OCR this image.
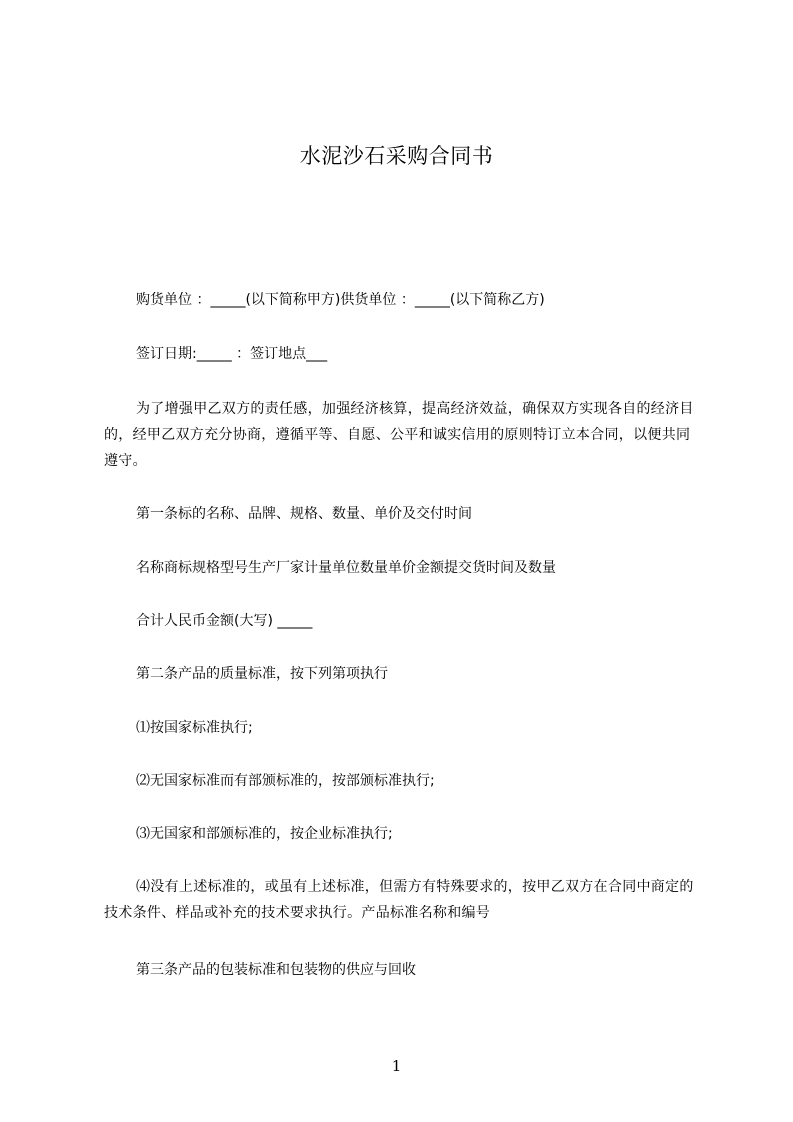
水泥沙石采购合同书
购货单位 ：_____(以下简称甲方)供货单位 ：_____(以下简称乙方)
签订日期:_____ ：签订地点___
为了增强甲乙双方的责任感，加强经济核算，提高经济效益，确保双方实现各自的经济目的，经甲乙双方充分协商，遵循平等、自愿、公平和诚实信用的原则特订立本合同，以便共同遵守。
第一条标的名称、品牌、规格、数量、单价及交付时间
名称商标规格型号生产厂家计量单位数量单价金额提交货时间及数量
合计人民币金额(大写) _____
第二条产品的质量标准，按下列第项执行
⑴按国家标准执行;
⑵无国家标准而有部颁标准的，按部颁标准执行;
⑶无国家和部颁标准的，按企业标准执行;
⑷没有上述标准的，或虽有上述标准，但需方有特殊要求的，按甲乙双方在合同中商定的技术条件、样品或补充的技术要求执行。产品标准名称和编号
第三条产品的包装标准和包装物的供应与回收
1
